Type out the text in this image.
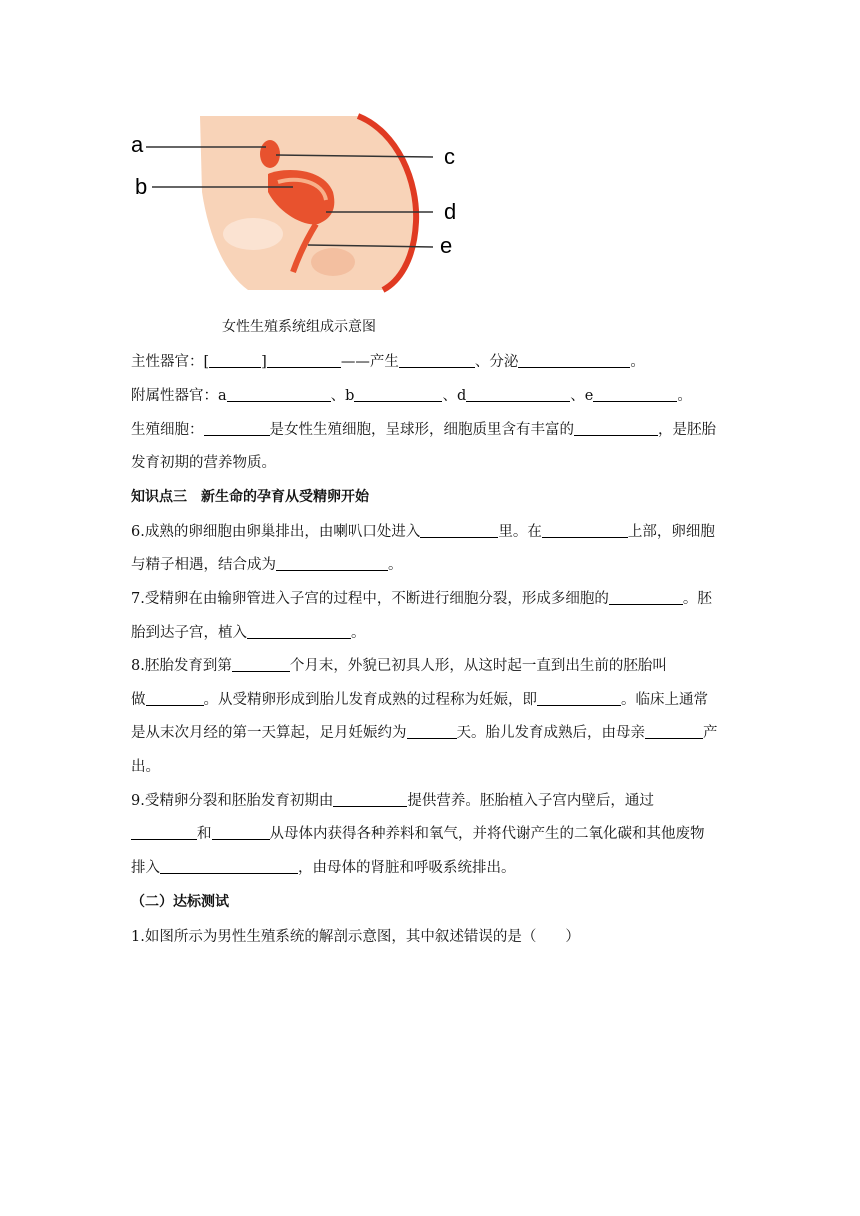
a
b
c
d
e
女性生殖系统组成示意图
主性器官：[	]	——产生	、分泌	。
附属性器官：a	、b	、d	、e	。
生殖细胞：	是女性生殖细胞，呈球形，细胞质里含有丰富的	，是胚胎
发育初期的营养物质。
知识点三　新生命的孕育从受精卵开始
6.成熟的卵细胞由卵巢排出，由喇叭口处进入	里。在	上部，卵细胞
与精子相遇，结合成为	。
7.受精卵在由输卵管进入子宫的过程中，不断进行细胞分裂，形成多细胞的	。胚
胎到达子宫，植入	。
8.胚胎发育到第	个月末，外貌已初具人形，从这时起一直到出生前的胚胎叫
做	。从受精卵形成到胎儿发育成熟的过程称为妊娠，即	。临床上通常
是从末次月经的第一天算起，足月妊娠约为	天。胎儿发育成熟后，由母亲	产
出。
9.受精卵分裂和胚胎发育初期由	提供营养。胚胎植入子宫内壁后，通过
和	从母体内获得各种养料和氧气，并将代谢产生的二氧化碳和其他废物
排入	，由母体的肾脏和呼吸系统排出。
（二）达标测试
1.如图所示为男性生殖系统的解剖示意图，其中叙述错误的是（　　）
